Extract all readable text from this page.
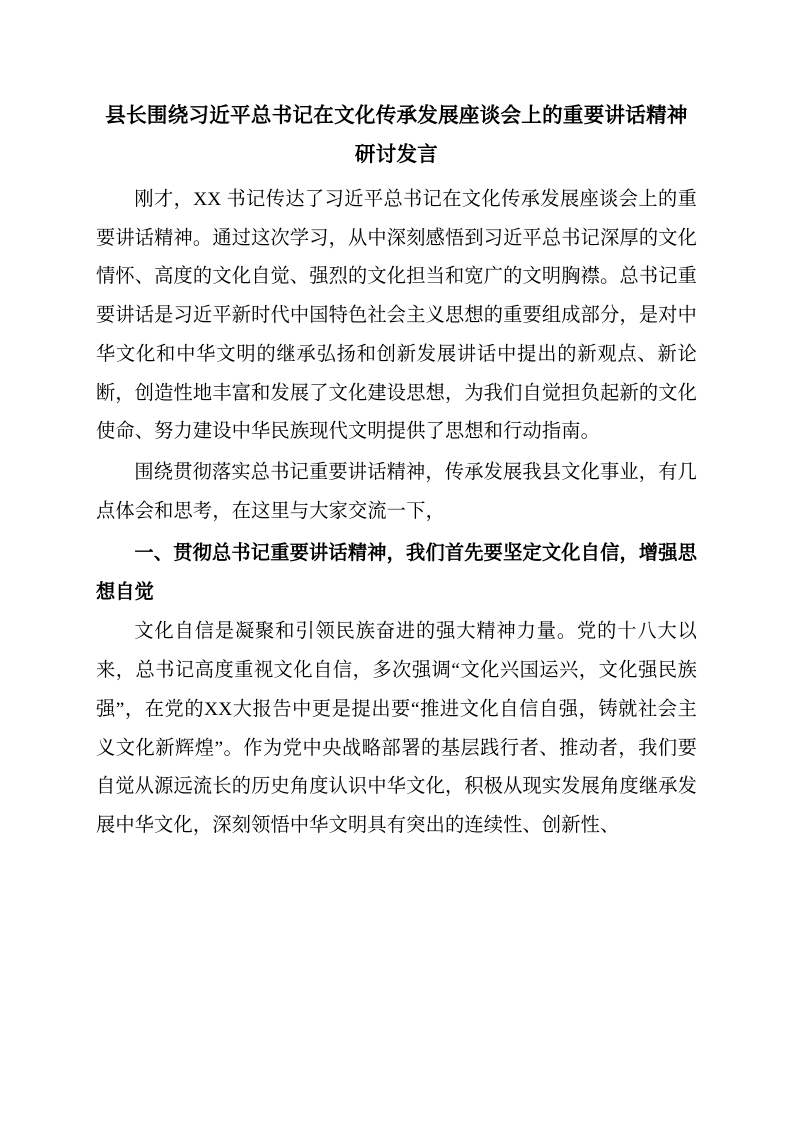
县长围绕习近平总书记在文化传承发展座谈会上的重要讲话精神研讨发言

刚才，XX 书记传达了习近平总书记在文化传承发展座谈会上的重要讲话精神。通过这次学习，从中深刻感悟到习近平总书记深厚的文化情怀、高度的文化自觉、强烈的文化担当和宽广的文明胸襟。总书记重要讲话是习近平新时代中国特色社会主义思想的重要组成部分，是对中华文化和中华文明的继承弘扬和创新发展讲话中提出的新观点、新论断，创造性地丰富和发展了文化建设思想，为我们自觉担负起新的文化使命、努力建设中华民族现代文明提供了思想和行动指南。

围绕贯彻落实总书记重要讲话精神，传承发展我县文化事业，有几点体会和思考，在这里与大家交流一下，

一、贯彻总书记重要讲话精神，我们首先要坚定文化自信，增强思想自觉

文化自信是凝聚和引领民族奋进的强大精神力量。党的十八大以来，总书记高度重视文化自信，多次强调“文化兴国运兴，文化强民族强”，在党的XX大报告中更是提出要“推进文化自信自强，铸就社会主义文化新辉煌”。作为党中央战略部署的基层践行者、推动者，我们要自觉从源远流长的历史角度认识中华文化，积极从现实发展角度继承发展中华文化，深刻领悟中华文明具有突出的连续性、创新性、
